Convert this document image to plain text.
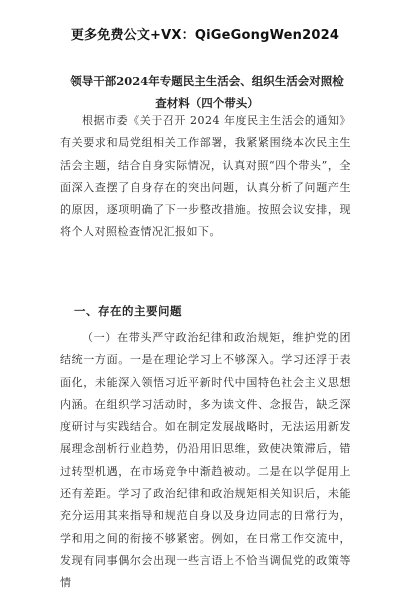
更多免费公文+VX：QiGeGongWen2024
领导干部2024年专题民主生活会、组织生活会对照检查材料（四个带头）
根据市委《关于召开 2024 年度民主生活会的通知》有关要求和局党组相关工作部署，我紧紧围绕本次民主生活会主题，结合自身实际情况，认真对照“四个带头”，全面深入查摆了自身存在的突出问题，认真分析了问题产生的原因，逐项明确了下一步整改措施。按照会议安排，现将个人对照检查情况汇报如下。
一、存在的主要问题
（一）在带头严守政治纪律和政治规矩，维护党的团结统一方面。一是在理论学习上不够深入。学习还浮于表面化，未能深入领悟习近平新时代中国特色社会主义思想内涵。在组织学习活动时，多为读文件、念报告，缺乏深度研讨与实践结合。如在制定发展战略时，无法运用新发展理念剖析行业趋势，仍沿用旧思维，致使决策滞后，错过转型机遇，在市场竞争中渐趋被动。二是在以学促用上还有差距。学习了政治纪律和政治规矩相关知识后，未能充分运用其来指导和规范自身以及身边同志的日常行为，学和用之间的衔接不够紧密。例如，在日常工作交流中，发现有同事偶尔会出现一些言语上不恰当调侃党的政策等情
